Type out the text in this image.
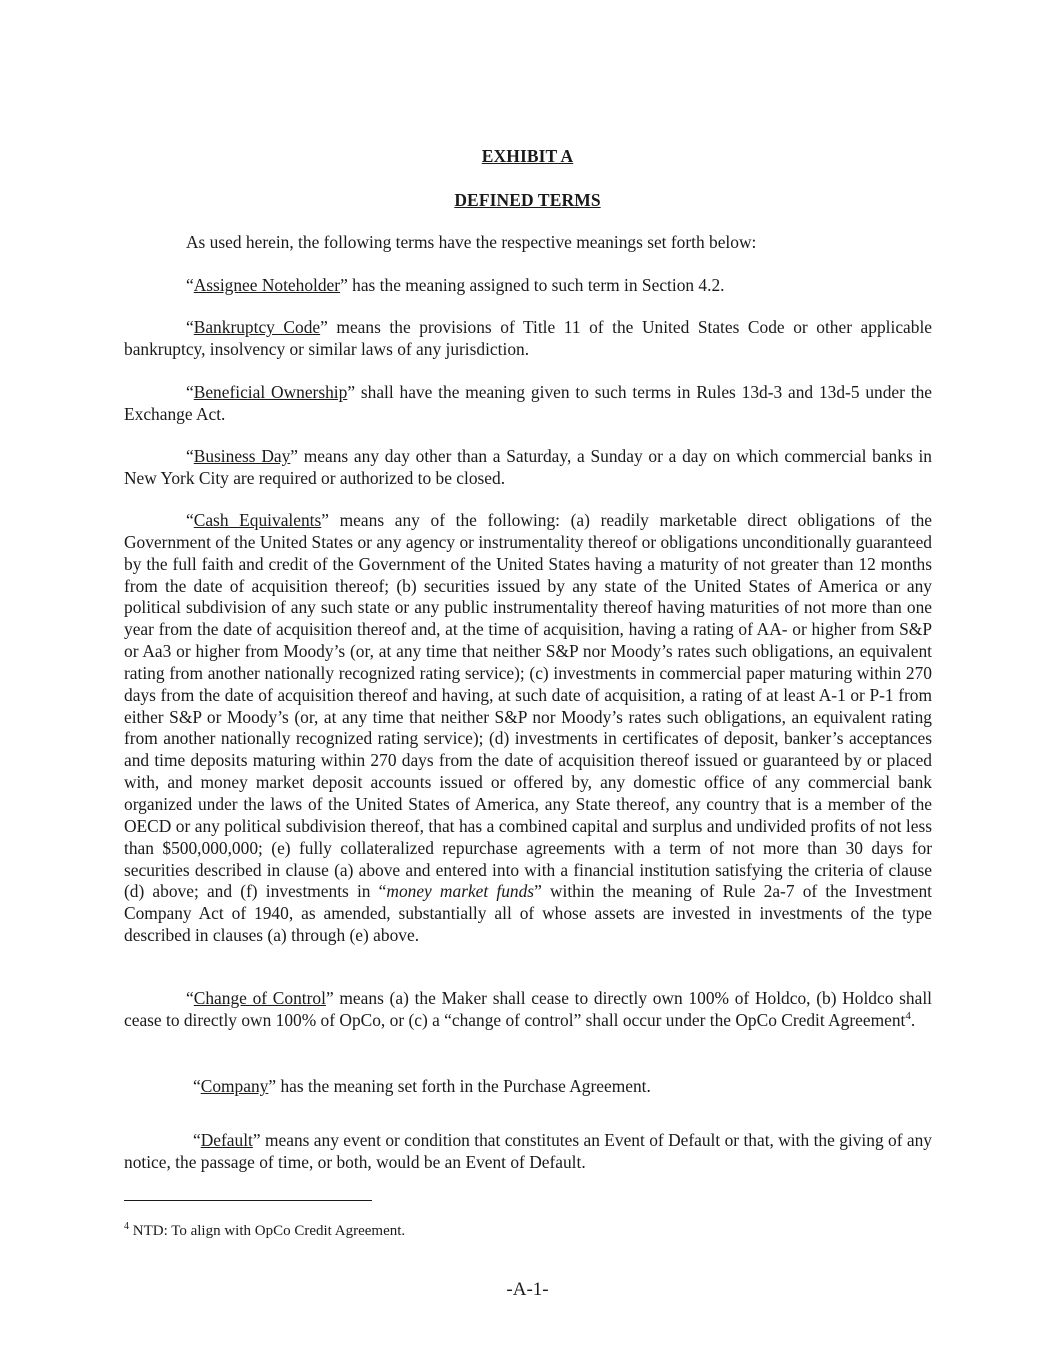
EXHIBIT A
DEFINED TERMS
As used herein, the following terms have the respective meanings set forth below:
“Assignee Noteholder” has the meaning assigned to such term in Section 4.2.
“Bankruptcy Code” means the provisions of Title 11 of the United States Code or other applicable bankruptcy, insolvency or similar laws of any jurisdiction.
“Beneficial Ownership” shall have the meaning given to such terms in Rules 13d-3 and 13d-5 under the Exchange Act.
“Business Day” means any day other than a Saturday, a Sunday or a day on which commercial banks in New York City are required or authorized to be closed.
“Cash Equivalents” means any of the following: (a) readily marketable direct obligations of the Government of the United States or any agency or instrumentality thereof or obligations unconditionally guaranteed by the full faith and credit of the Government of the United States having a maturity of not greater than 12 months from the date of acquisition thereof; (b) securities issued by any state of the United States of America or any political subdivision of any such state or any public instrumentality thereof having maturities of not more than one year from the date of acquisition thereof and, at the time of acquisition, having a rating of AA- or higher from S&P or Aa3 or higher from Moody’s (or, at any time that neither S&P nor Moody’s rates such obligations, an equivalent rating from another nationally recognized rating service); (c) investments in commercial paper maturing within 270 days from the date of acquisition thereof and having, at such date of acquisition, a rating of at least A-1 or P-1 from either S&P or Moody’s (or, at any time that neither S&P nor Moody’s rates such obligations, an equivalent rating from another nationally recognized rating service); (d) investments in certificates of deposit, banker’s acceptances and time deposits maturing within 270 days from the date of acquisition thereof issued or guaranteed by or placed with, and money market deposit accounts issued or offered by, any domestic office of any commercial bank organized under the laws of the United States of America, any State thereof, any country that is a member of the OECD or any political subdivision thereof, that has a combined capital and surplus and undivided profits of not less than $500,000,000; (e) fully collateralized repurchase agreements with a term of not more than 30 days for securities described in clause (a) above and entered into with a financial institution satisfying the criteria of clause (d) above; and (f) investments in “money market funds” within the meaning of Rule 2a-7 of the Investment Company Act of 1940, as amended, substantially all of whose assets are invested in investments of the type described in clauses (a) through (e) above.
“Change of Control” means (a) the Maker shall cease to directly own 100% of Holdco, (b) Holdco shall cease to directly own 100% of OpCo, or (c) a “change of control” shall occur under the OpCo Credit Agreement$^4$.
“Company” has the meaning set forth in the Purchase Agreement.
“Default” means any event or condition that constitutes an Event of Default or that, with the giving of any notice, the passage of time, or both, would be an Event of Default.
$^4$ NTD: To align with OpCo Credit Agreement.
-A-1-
